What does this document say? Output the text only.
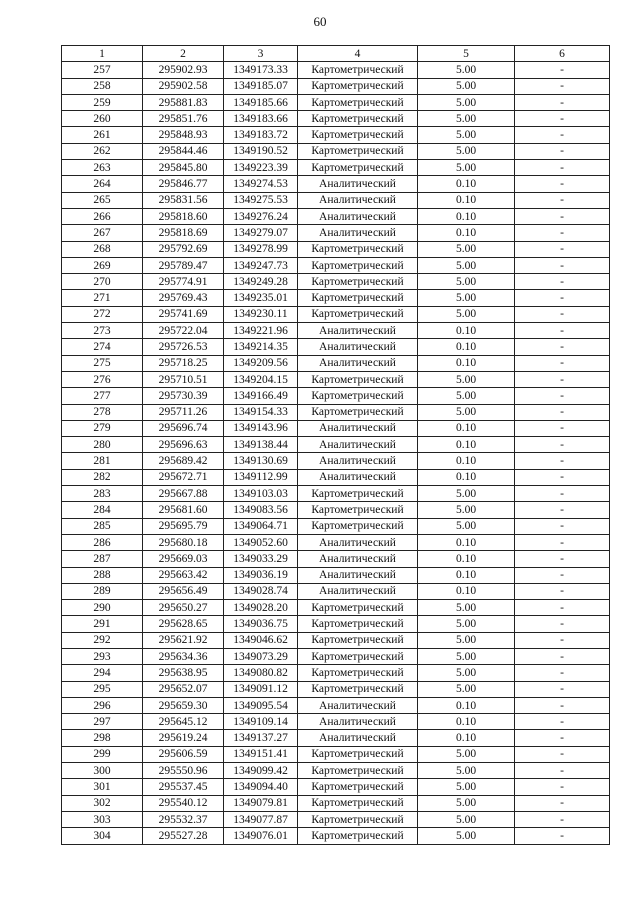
60
1	2	3	4	5	6
257	295902.93	1349173.33	Картометрический	5.00	-
258	295902.58	1349185.07	Картометрический	5.00	-
259	295881.83	1349185.66	Картометрический	5.00	-
260	295851.76	1349183.66	Картометрический	5.00	-
261	295848.93	1349183.72	Картометрический	5.00	-
262	295844.46	1349190.52	Картометрический	5.00	-
263	295845.80	1349223.39	Картометрический	5.00	-
264	295846.77	1349274.53	Аналитический	0.10	-
265	295831.56	1349275.53	Аналитический	0.10	-
266	295818.60	1349276.24	Аналитический	0.10	-
267	295818.69	1349279.07	Аналитический	0.10	-
268	295792.69	1349278.99	Картометрический	5.00	-
269	295789.47	1349247.73	Картометрический	5.00	-
270	295774.91	1349249.28	Картометрический	5.00	-
271	295769.43	1349235.01	Картометрический	5.00	-
272	295741.69	1349230.11	Картометрический	5.00	-
273	295722.04	1349221.96	Аналитический	0.10	-
274	295726.53	1349214.35	Аналитический	0.10	-
275	295718.25	1349209.56	Аналитический	0.10	-
276	295710.51	1349204.15	Картометрический	5.00	-
277	295730.39	1349166.49	Картометрический	5.00	-
278	295711.26	1349154.33	Картометрический	5.00	-
279	295696.74	1349143.96	Аналитический	0.10	-
280	295696.63	1349138.44	Аналитический	0.10	-
281	295689.42	1349130.69	Аналитический	0.10	-
282	295672.71	1349112.99	Аналитический	0.10	-
283	295667.88	1349103.03	Картометрический	5.00	-
284	295681.60	1349083.56	Картометрический	5.00	-
285	295695.79	1349064.71	Картометрический	5.00	-
286	295680.18	1349052.60	Аналитический	0.10	-
287	295669.03	1349033.29	Аналитический	0.10	-
288	295663.42	1349036.19	Аналитический	0.10	-
289	295656.49	1349028.74	Аналитический	0.10	-
290	295650.27	1349028.20	Картометрический	5.00	-
291	295628.65	1349036.75	Картометрический	5.00	-
292	295621.92	1349046.62	Картометрический	5.00	-
293	295634.36	1349073.29	Картометрический	5.00	-
294	295638.95	1349080.82	Картометрический	5.00	-
295	295652.07	1349091.12	Картометрический	5.00	-
296	295659.30	1349095.54	Аналитический	0.10	-
297	295645.12	1349109.14	Аналитический	0.10	-
298	295619.24	1349137.27	Аналитический	0.10	-
299	295606.59	1349151.41	Картометрический	5.00	-
300	295550.96	1349099.42	Картометрический	5.00	-
301	295537.45	1349094.40	Картометрический	5.00	-
302	295540.12	1349079.81	Картометрический	5.00	-
303	295532.37	1349077.87	Картометрический	5.00	-
304	295527.28	1349076.01	Картометрический	5.00	-
